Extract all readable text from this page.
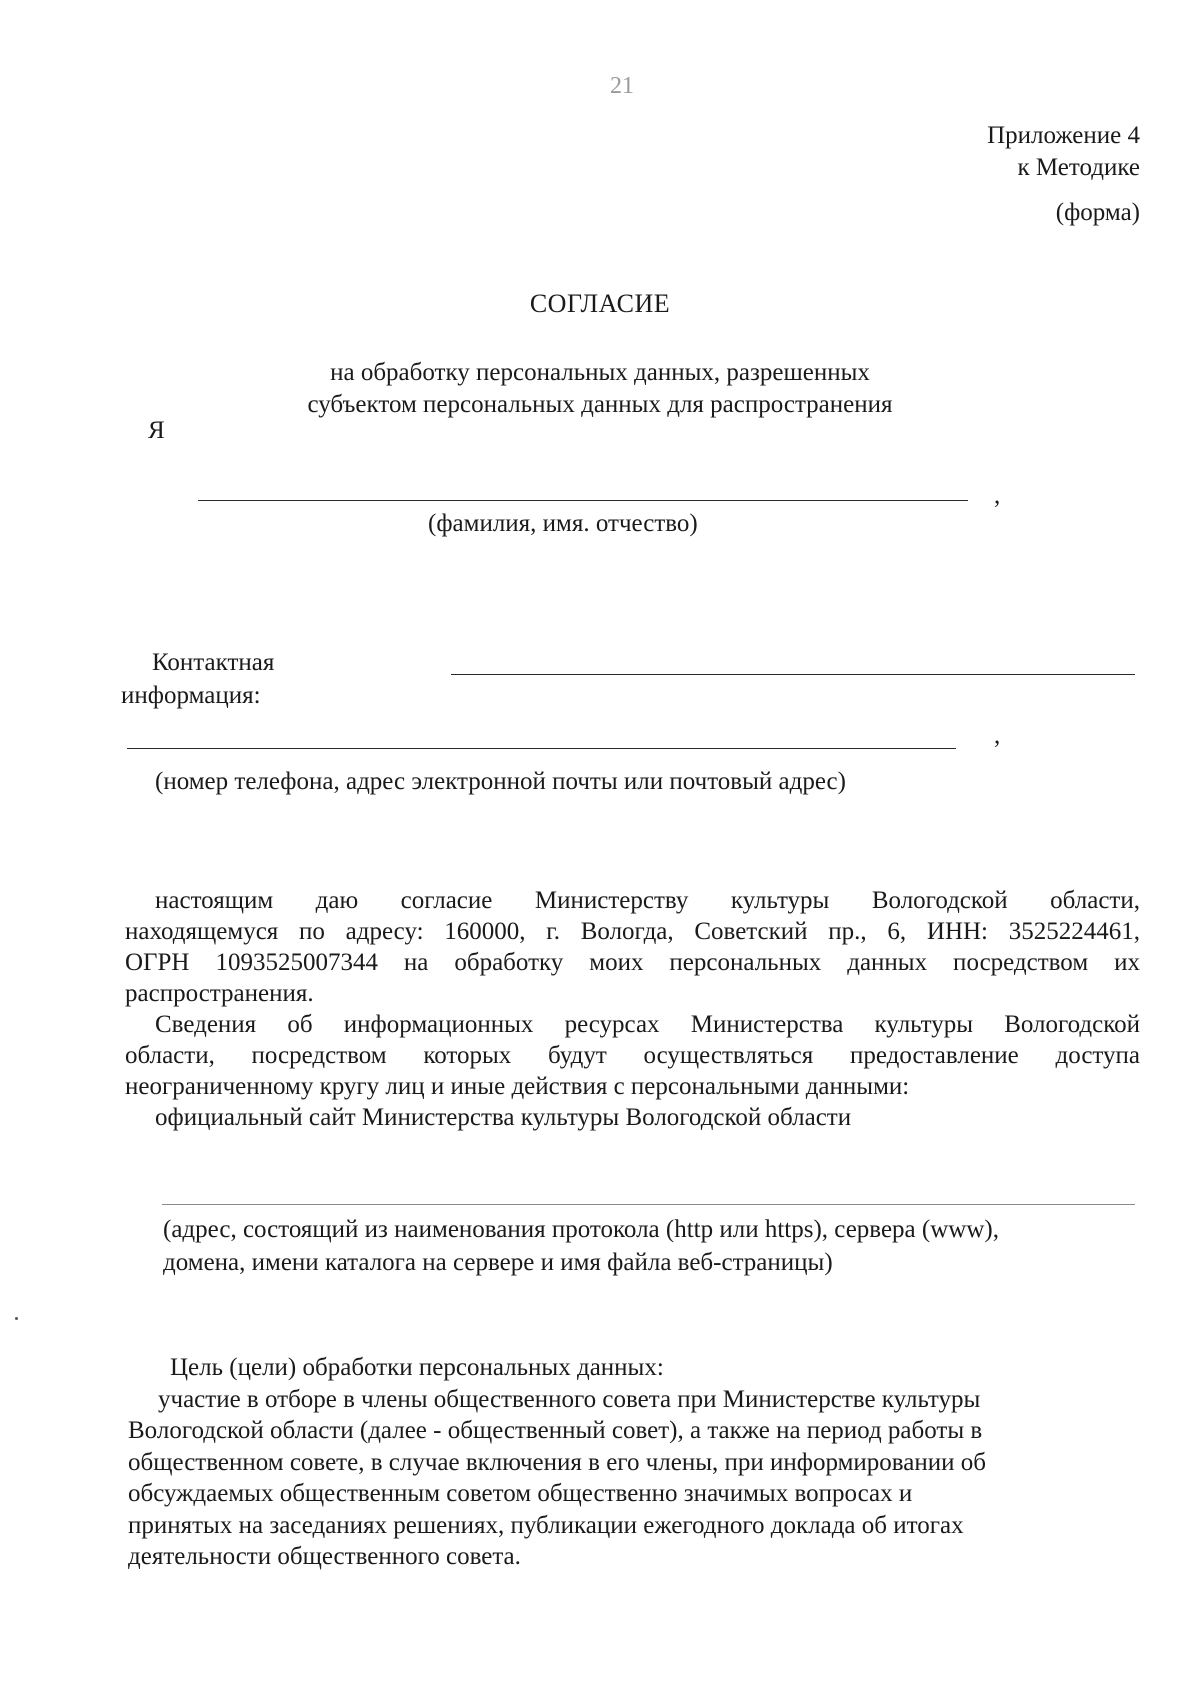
21
Приложение 4
к Методике
(форма)
СОГЛАСИЕ
на обработку персональных данных, разрешенных
субъектом персональных данных для распространения
Я
,
(фамилия, имя. отчество)
Контактная
информация:
,
(номер телефона, адрес электронной почты или почтовый адрес)
настоящим даю согласие Министерству культуры Вологодской области,
находящемуся по адресу: 160000, г. Вологда, Советский пр., 6, ИНН: 3525224461,
ОГРН 1093525007344 на обработку моих персональных данных посредством их
распространения.
Сведения об информационных ресурсах Министерства культуры Вологодской
области, посредством которых будут осуществляться предоставление доступа
неограниченному кругу лиц и иные действия с персональными данными:
официальный сайт Министерства культуры Вологодской области
(адрес, состоящий из наименования протокола (http или https), сервера (www),
домена, имени каталога на сервере и имя файла веб-страницы)
Цель (цели) обработки персональных данных:
участие в отборе в члены общественного совета при Министерстве культуры
Вологодской области (далее - общественный совет), а также на период работы в
общественном совете, в случае включения в его члены, при информировании об
обсуждаемых общественным советом общественно значимых вопросах и
принятых на заседаниях решениях, публикации ежегодного доклада об итогах
деятельности общественного совета.
